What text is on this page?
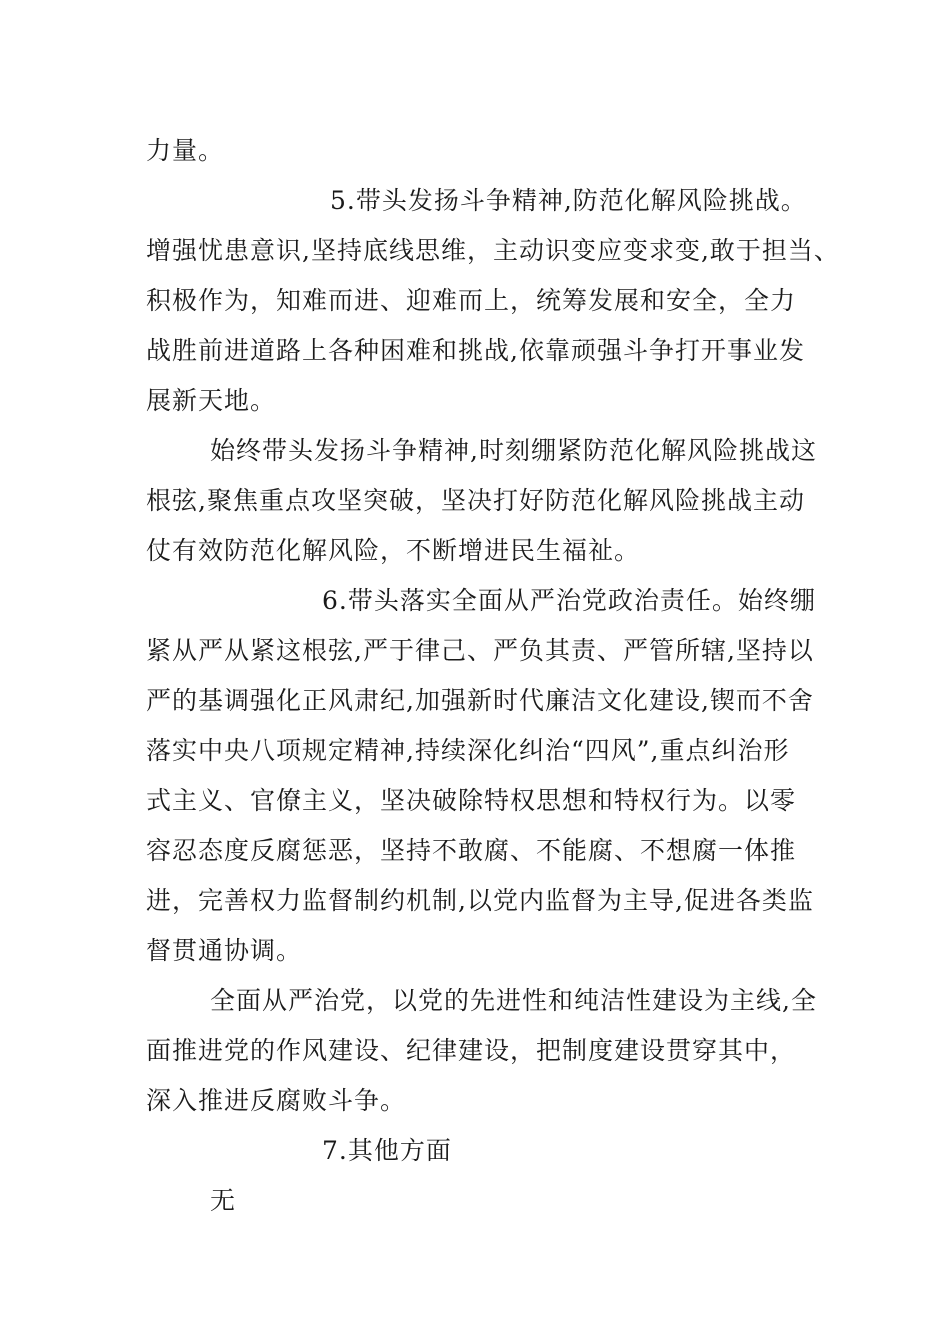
力量。
5.带头发扬斗争精神,防范化解风险挑战。
增强忧患意识,坚持底线思维，主动识变应变求变,敢于担当、
积极作为，知难而进、迎难而上，统筹发展和安全，全力
战胜前进道路上各种困难和挑战,依靠顽强斗争打开事业发
展新天地。
始终带头发扬斗争精神,时刻绷紧防范化解风险挑战这
根弦,聚焦重点攻坚突破，坚决打好防范化解风险挑战主动
仗有效防范化解风险，不断增进民生福祉。
6.带头落实全面从严治党政治责任。始终绷
紧从严从紧这根弦,严于律己、严负其责、严管所辖,坚持以
严的基调强化正风肃纪,加强新时代廉洁文化建设,锲而不舍
落实中央八项规定精神,持续深化纠治“四风”,重点纠治形
式主义、官僚主义，坚决破除特权思想和特权行为。以零
容忍态度反腐惩恶，坚持不敢腐、不能腐、不想腐一体推
进，完善权力监督制约机制,以党内监督为主导,促进各类监
督贯通协调。
全面从严治党，以党的先进性和纯洁性建设为主线,全
面推进党的作风建设、纪律建设，把制度建设贯穿其中，
深入推进反腐败斗争。
7.其他方面
无
